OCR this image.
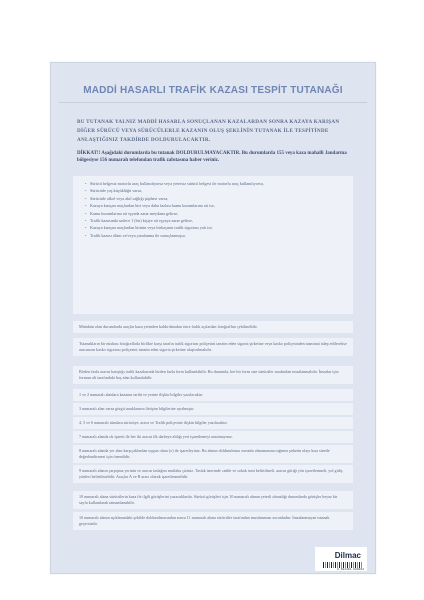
MADDİ HASARLI TRAFİK KAZASI TESPİT TUTANAĞI
BU TUTANAK YALNIZ MADDİ HASARLA SONUÇLANAN KAZALARDAN SONRA KAZAYA KARIŞAN DİĞER SÜRÜCÜ VEYA SÜRÜCÜLERLE KAZANIN OLUŞ ŞEKLİNİN TUTANAK İLE TESPİTİNDE ANLAŞTIĞINIZ TAKDİRDE DOLDURULACAKTIR.
DİKKAT!! Aşağıdaki durumlarda bu tutanak DOLDURULMAYACAKTIR. Bu durumlarda 155 veya kaza mahalli Jandarma bölgesiyse 156 numaralı telefondan trafik zabıtasına haber veriniz.
• Sürücü belgesiz motorlu araç kullanılıyorsa veya yetersiz sürücü belgesi ile motorlu araç kullanılıyorsa,
• Sürücüde yaş küçüklüğü varsa,
• Sürücüde alkol veya akıl sağlığı şüphesi varsa,
• Kazaya karışan araçlardan biri veya daha fazlası kamu kurumlarına ait ise,
• Kamu kurumlarına ait eşyada zarar meydana gelirse,
• Trafik kazasında sadece 1 (bir) kişiye ait eşyaya zarar gelirse,
• Kazaya karışan araçlardan birinin veya birkaçının trafik sigortası yok ise,
• Trafik kazası ölüm ve/veya yaralanma ile sonuçlanmışsa.
Mümkün olan durumlarda araçlar kaza yerinden kaldırılmadan önce farklı açılardan fotoğrafları çekilmelidir.
Tutanakların bir nüshası fotoğraflarla birlikte karşı tarafın trafik sigortası poliçesini tanzim eden sigorta şirketine veya kasko poliçesinden tazminat talep edilecekse aracınızın kasko sigortası poliçesini tanzim eden sigorta şirketine ulaştırılmalıdır.
Birden fazla aracın karıştığı trafik kazalarında birden fazla form kullanılabilir. Bu durumda, her bir form size sürücüler tarafından imzalanmalıdır. İmzalar için formun alt tarafındaki boş alan kullanılabilir.
1 ve 2 numaralı alanlara kazanın tarihi ve yerine ilişkin bilgiler yazılacaktır.
3 numaralı alan varsa görgü tanıklarının iletişim bilgilerine ayrılmıştır.
4, 5 ve 6 numaralı alanlara sürücüye, araca ve Trafik poliçesine ilişkin bilgiler yazılacaktır.
7 numaralı alanda ok işareti ile her iki aracın ilk darbeye aldığı yeri işaretlemeyi unutmayınız.
8 numaralı alanda yer alan karşıçaklardan uygun olanı (x) ile işaretleyiniz. Bu alanın doldurulması zorunlu olmamasına rağmen şirketin olayı kısa sürede değerlendirmesi için önemlidir.
9 numaralı alanın çarpışma yerinin ve aracın taslağını mutlaka çiziniz. Taslak üzerinde cadde ve sokak ismi belirtilmeli, aracın gittiği yön işaretlenmeli, yol gidiş yönleri belirtilmelidir. Araçlar A ve B aracı olarak işaretlenmelidir.
10 numaralı alana sürücülerin kaza ile ilgili görüşlerini yazacaklardır. Sürücü görüşleri için 10 numaralı alanın yeterli olmadığı durumlarda görüşler beyaz bir sayfa kullanılarak tamamlanabilir.
10 numaralı alanın açıklamadaki şekilde doldurulmasından sonra 11 numaralı alana sürücüler tarafından imzalanması zorunludur. İmzalanmayan tutanak geçersizdir.
Dilmac
8 694491 920032
